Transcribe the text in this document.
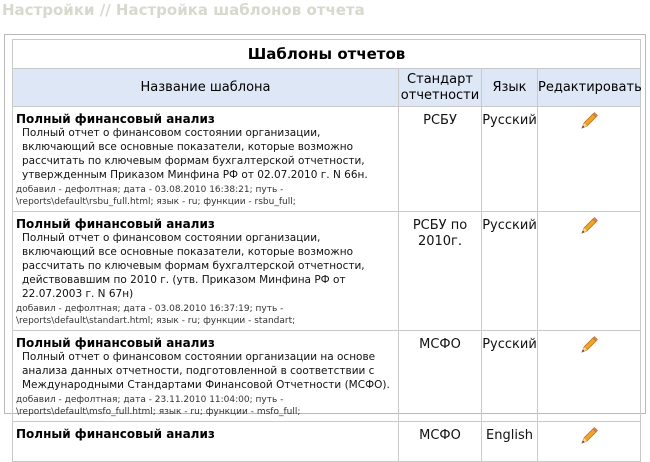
Настройки // Настройка шаблонов отчета
Шаблоны отчетов			
Название шаблона	Стандарт отчетности	Язык	Редактировать

Полный финансовый анализ
Полный отчет о финансовом состоянии организации, включающий все основные показатели, которые возможно рассчитать по ключевым формам бухгалтерской отчетности, утвержденным Приказом Минфина РФ от 02.07.2010 г. N 66н.
добавил - дефолтная; дата - 03.08.2010 16:38:21; путь - \reports\default\rsbu_full.html; язык - ru; функции - rsbu_full;	РСБУ	Русский	

Полный финансовый анализ
Полный отчет о финансовом состоянии организации, включающий все основные показатели, которые возможно рассчитать по ключевым формам бухгалтерской отчетности, действовавшим по 2010 г. (утв. Приказом Минфина РФ от 22.07.2003 г. N 67н)
добавил - дефолтная; дата - 03.08.2010 16:37:19; путь - \reports\default\standart.html; язык - ru; функции - standart;	РСБУ по 2010г.	Русский	

Полный финансовый анализ
Полный отчет о финансовом состоянии организации на основе анализа данных отчетности, подготовленной в соответствии с Международными Стандартами Финансовой Отчетности (МСФО).
добавил - дефолтная; дата - 23.11.2010 11:04:00; путь - \reports\default\msfo_full.html; язык - ru; функции - msfo_full;	МСФО	Русский	

Полный финансовый анализ	МСФО	English	
